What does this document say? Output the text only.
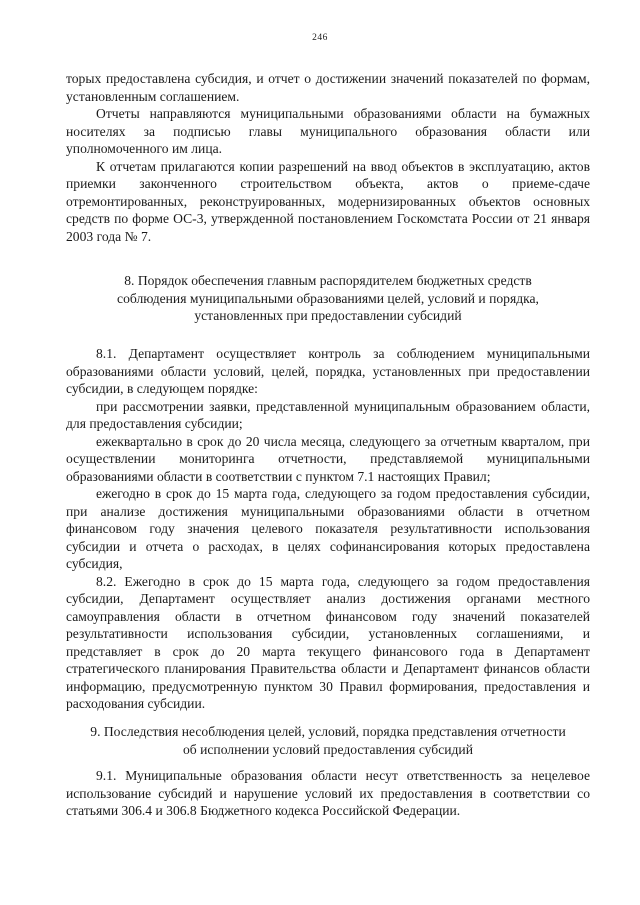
246

торых предоставлена субсидия, и отчет о достижении значений показателей по формам, установленным соглашением.

Отчеты направляются муниципальными образованиями области на бумажных носителях за подписью главы муниципального образования области или уполномоченного им лица.

К отчетам прилагаются копии разрешений на ввод объектов в эксплуатацию, актов приемки законченного строительством объекта, актов о приеме-сдаче отремонтированных, реконструированных, модернизированных объектов основных средств по форме ОС-3, утвержденной постановлением Госкомстата России от 21 января 2003 года № 7.

8. Порядок обеспечения главным распорядителем бюджетных средств
соблюдения муниципальными образованиями целей, условий и порядка,
установленных при предоставлении субсидий

8.1. Департамент осуществляет контроль за соблюдением муниципальными образованиями области условий, целей, порядка, установленных при предоставлении субсидии, в следующем порядке:

при рассмотрении заявки, представленной муниципальным образованием области, для предоставления субсидии;

ежеквартально в срок до 20 числа месяца, следующего за отчетным кварталом, при осуществлении мониторинга отчетности, представляемой муниципальными образованиями области в соответствии с пунктом 7.1 настоящих Правил;

ежегодно в срок до 15 марта года, следующего за годом предоставления субсидии, при анализе достижения муниципальными образованиями области в отчетном финансовом году значения целевого показателя результативности использования субсидии и отчета о расходах, в целях софинансирования которых предоставлена субсидия,

8.2. Ежегодно в срок до 15 марта года, следующего за годом предоставления субсидии, Департамент осуществляет анализ достижения органами местного самоуправления области в отчетном финансовом году значений показателей результативности использования субсидии, установленных соглашениями, и представляет в срок до 20 марта текущего финансового года в Департамент стратегического планирования Правительства области и Департамент финансов области информацию, предусмотренную пунктом 30 Правил формирования, предоставления и расходования субсидии.

9. Последствия несоблюдения целей, условий, порядка представления отчетности
об исполнении условий предоставления субсидий

9.1. Муниципальные образования области несут ответственность за нецелевое использование субсидий и нарушение условий их предоставления в соответствии со статьями 306.4 и 306.8 Бюджетного кодекса Российской Федерации.
